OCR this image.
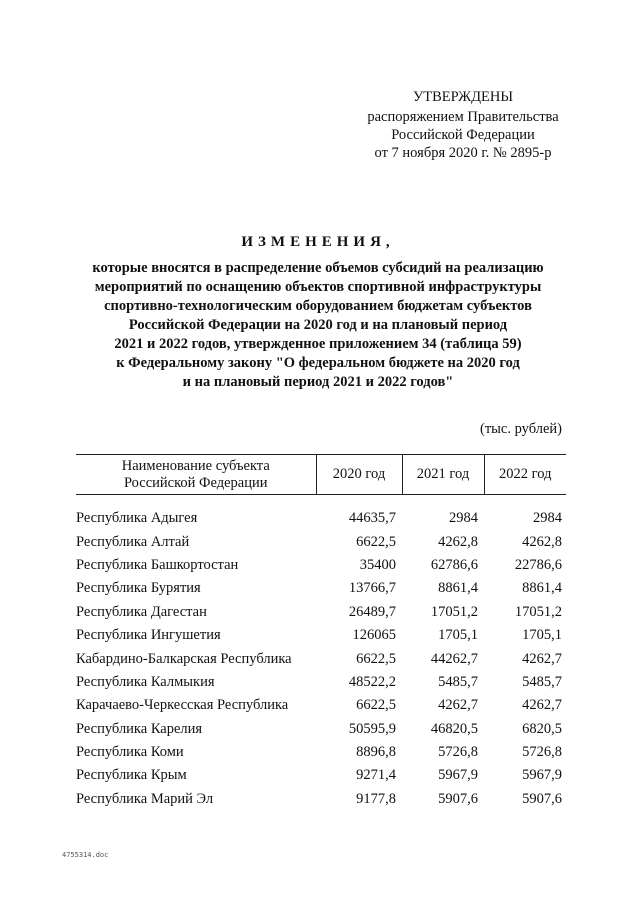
УТВЕРЖДЕНЫ
распоряжением Правительства
Российской Федерации
от 7 ноября 2020 г. № 2895-р
ИЗМЕНЕНИЯ,
которые вносятся в распределение объемов субсидий на реализацию
мероприятий по оснащению объектов спортивной инфраструктуры
спортивно-технологическим оборудованием бюджетам субъектов
Российской Федерации на 2020 год и на плановый период
2021 и 2022 годов, утвержденное приложением 34 (таблица 59)
к Федеральному закону "О федеральном бюджете на 2020 год
и на плановый период 2021 и 2022 годов"
(тыс. рублей)
Наименование субъекта Российской Федерации	2020 год	2021 год	2022 год

Республика Адыгея	44635,7	2984	2984
Республика Алтай	6622,5	4262,8	4262,8
Республика Башкортостан	35400	62786,6	22786,6
Республика Бурятия	13766,7	8861,4	8861,4
Республика Дагестан	26489,7	17051,2	17051,2
Республика Ингушетия	126065	1705,1	1705,1
Кабардино-Балкарская Республика	6622,5	44262,7	4262,7
Республика Калмыкия	48522,2	5485,7	5485,7
Карачаево-Черкесская Республика	6622,5	4262,7	4262,7
Республика Карелия	50595,9	46820,5	6820,5
Республика Коми	8896,8	5726,8	5726,8
Республика Крым	9271,4	5967,9	5967,9
Республика Марий Эл	9177,8	5907,6	5907,6
4755314.doc
